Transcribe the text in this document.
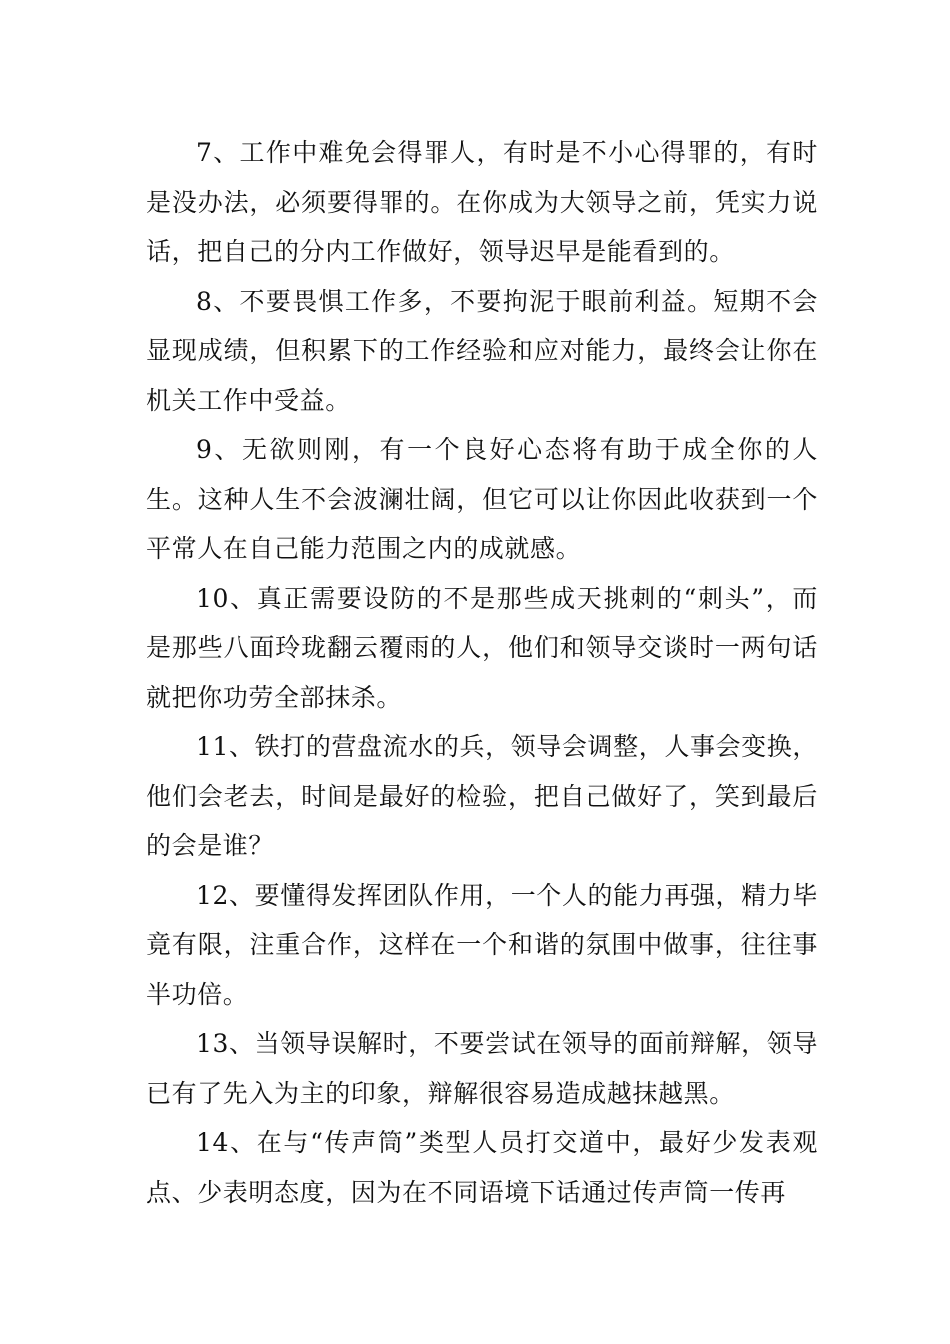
7、工作中难免会得罪人，有时是不小心得罪的，有时是没办法，必须要得罪的。在你成为大领导之前，凭实力说话，把自己的分内工作做好，领导迟早是能看到的。

8、不要畏惧工作多，不要拘泥于眼前利益。短期不会显现成绩，但积累下的工作经验和应对能力，最终会让你在机关工作中受益。

9、无欲则刚，有一个良好心态将有助于成全你的人生。这种人生不会波澜壮阔，但它可以让你因此收获到一个平常人在自己能力范围之内的成就感。

10、真正需要设防的不是那些成天挑刺的“刺头”，而是那些八面玲珑翻云覆雨的人，他们和领导交谈时一两句话就把你功劳全部抹杀。

11、铁打的营盘流水的兵，领导会调整，人事会变换，他们会老去，时间是最好的检验，把自己做好了，笑到最后的会是谁？

12、要懂得发挥团队作用，一个人的能力再强，精力毕竟有限，注重合作，这样在一个和谐的氛围中做事，往往事半功倍。

13、当领导误解时，不要尝试在领导的面前辩解，领导已有了先入为主的印象，辩解很容易造成越抹越黑。

14、在与“传声筒”类型人员打交道中，最好少发表观点、少表明态度，因为在不同语境下话通过传声筒一传再
